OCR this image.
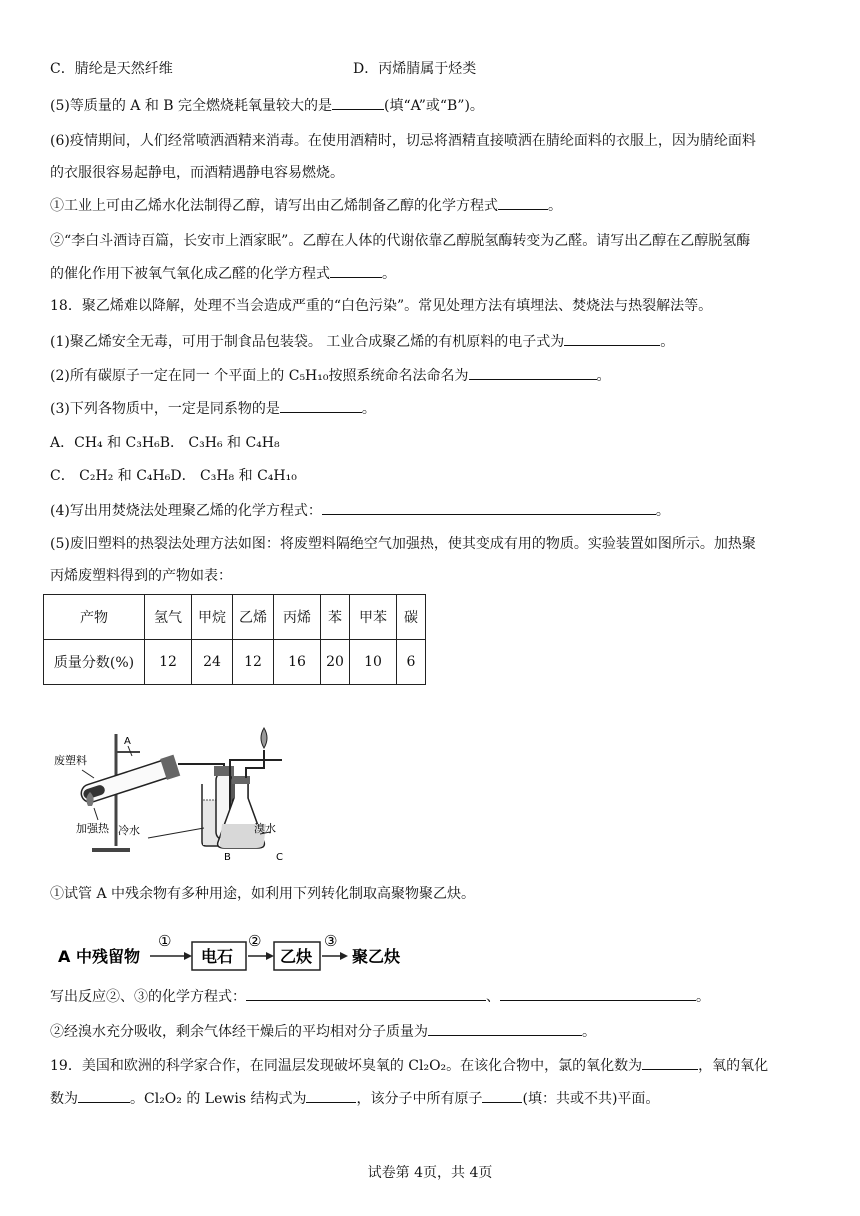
C．腈纶是天然纤维	D．丙烯腈属于烃类
(5)等质量的 A 和 B 完全燃烧耗氧量较大的是	(填“A”或“B”)。
(6)疫情期间，人们经常喷洒酒精来消毒。在使用酒精时，切忌将酒精直接喷洒在腈纶面料的衣服上，因为腈纶面料
的衣服很容易起静电，而酒精遇静电容易燃烧。
①工业上可由乙烯水化法制得乙醇，请写出由乙烯制备乙醇的化学方程式	。
②“李白斗酒诗百篇，长安市上酒家眠”。乙醇在人体的代谢依靠乙醇脱氢酶转变为乙醛。请写出乙醇在乙醇脱氢酶
的催化作用下被氧气氧化成乙醛的化学方程式	。
18．聚乙烯难以降解，处理不当会造成严重的“白色污染”。常见处理方法有填埋法、焚烧法与热裂解法等。
(1)聚乙烯安全无毒，可用于制食品包装袋。 工业合成聚乙烯的有机原料的电子式为	。
(2)所有碳原子一定在同一 个平面上的 C₅H₁₀按照系统命名法命名为	。
(3)下列各物质中，一定是同系物的是	。
A．CH₄ 和 C₃H₆B． C₃H₆ 和 C₄H₈
C． C₂H₂ 和 C₄H₆D． C₃H₈ 和 C₄H₁₀
(4)写出用焚烧法处理聚乙烯的化学方程式：	。
(5)废旧塑料的热裂法处理方法如图：将废塑料隔绝空气加强热，使其变成有用的物质。实验装置如图所示。加热聚
丙烯废塑料得到的产物如表：
产物	氢气	甲烷	乙烯	丙烯	苯	甲苯	碳
质量分数(%)	12	24	12	16	20	10	6
废塑料
A
加强热 冷水
B	C
溴水
①试管 A 中残余物有多种用途，如利用下列转化制取高聚物聚乙炔。
A 中残留物
①
电石
②
乙炔
③
聚乙炔
写出反应②、③的化学方程式：	、	。
②经溴水充分吸收，剩余气体经干燥后的平均相对分子质量为	。
19．美国和欧洲的科学家合作，在同温层发现破坏臭氧的 Cl₂O₂。在该化合物中，氯的氧化数为	，氧的氧化
数为	。Cl₂O₂ 的 Lewis 结构式为	，该分子中所有原子	(填：共或不共)平面。
试卷第 4页，共 4页
